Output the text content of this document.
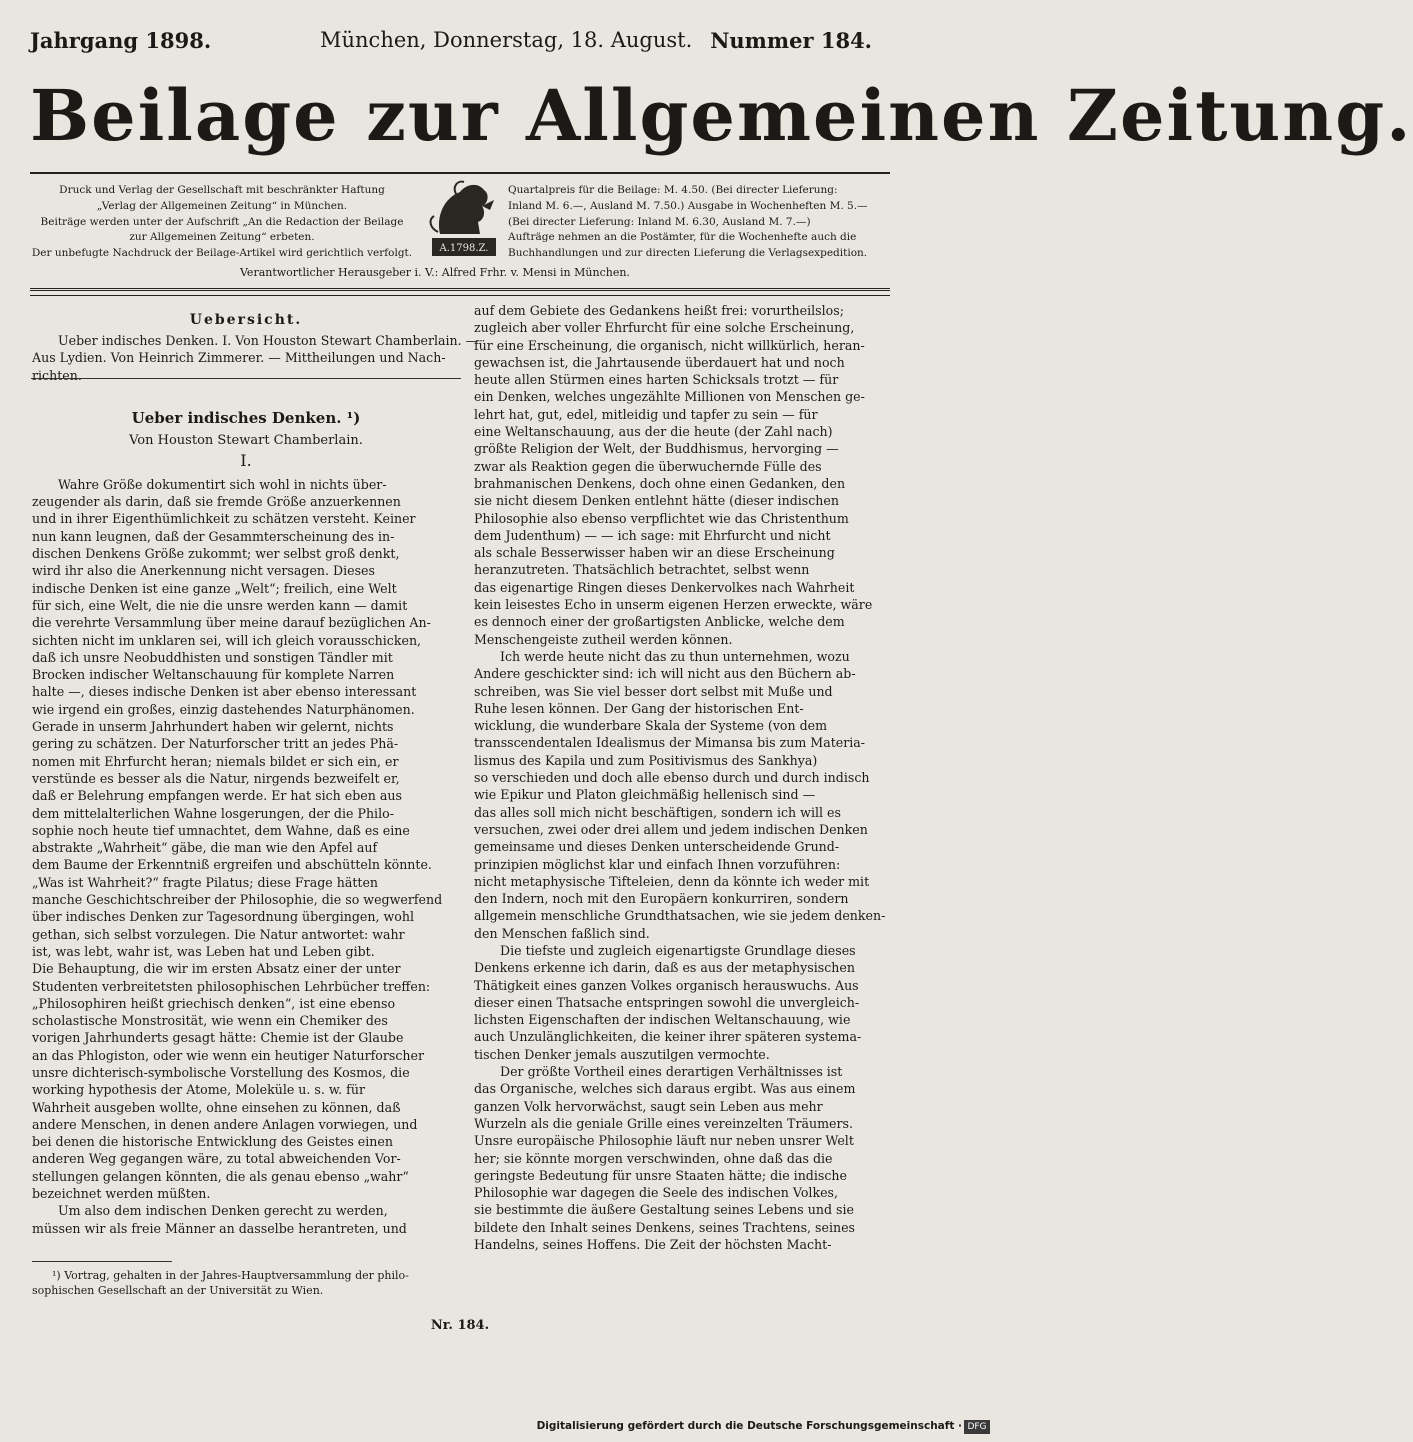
Jahrgang 1898.	München, Donnerstag, 18. August. Nummer 184.
Beilage zur Allgemeinen Zeitung.
Druck und Verlag der Gesellschaft mit beschränkter Haftung
„Verlag der Allgemeinen Zeitung“ in München.
Beiträge werden unter der Aufschrift „An die Redaction der Beilage
zur Allgemeinen Zeitung“ erbeten.
Der unbefugte Nachdruck der Beilage-Artikel wird gerichtlich verfolgt.	A.1798.Z.
Quartalpreis für die Beilage: M. 4.50. (Bei directer Lieferung:
Inland M. 6.—, Ausland M. 7.50.) Ausgabe in Wochenheften M. 5.—
(Bei directer Lieferung: Inland M. 6.30, Ausland M. 7.—)
Aufträge nehmen an die Postämter, für die Wochenhefte auch die
Buchhandlungen und zur directen Lieferung die Verlagsexpedition.
Verantwortlicher Herausgeber i. V.: Alfred Frhr. v. Mensi in München.
Uebersicht.
Ueber indisches Denken. I. Von Houston Stewart Chamberlain. —
Aus Lydien. Von Heinrich Zimmerer. — Mittheilungen und Nach-
richten.
Ueber indisches Denken. ¹)
Von Houston Stewart Chamberlain.
I.
Wahre Größe dokumentirt sich wohl in nichts über-
zeugender als darin, daß sie fremde Größe anzuerkennen
und in ihrer Eigenthümlichkeit zu schätzen versteht. Keiner
nun kann leugnen, daß der Gesammterscheinung des in-
dischen Denkens Größe zukommt; wer selbst groß denkt,
wird ihr also die Anerkennung nicht versagen. Dieses
indische Denken ist eine ganze „Welt“; freilich, eine Welt
für sich, eine Welt, die nie die unsre werden kann — damit
die verehrte Versammlung über meine darauf bezüglichen An-
sichten nicht im unklaren sei, will ich gleich vorausschicken,
daß ich unsre Neobuddhisten und sonstigen Tändler mit
Brocken indischer Weltanschauung für komplete Narren
halte —, dieses indische Denken ist aber ebenso interessant
wie irgend ein großes, einzig dastehendes Naturphänomen.
Gerade in unserm Jahrhundert haben wir gelernt, nichts
gering zu schätzen. Der Naturforscher tritt an jedes Phä-
nomen mit Ehrfurcht heran; niemals bildet er sich ein, er
verstünde es besser als die Natur, nirgends bezweifelt er,
daß er Belehrung empfangen werde. Er hat sich eben aus
dem mittelalterlichen Wahne losgerungen, der die Philo-
sophie noch heute tief umnachtet, dem Wahne, daß es eine
abstrakte „Wahrheit“ gäbe, die man wie den Apfel auf
dem Baume der Erkenntniß ergreifen und abschütteln könnte.
„Was ist Wahrheit?“ fragte Pilatus; diese Frage hätten
manche Geschichtschreiber der Philosophie, die so wegwerfend
über indisches Denken zur Tagesordnung übergingen, wohl
gethan, sich selbst vorzulegen. Die Natur antwortet: wahr
ist, was lebt, wahr ist, was Leben hat und Leben gibt.
Die Behauptung, die wir im ersten Absatz einer der unter
Studenten verbreitetsten philosophischen Lehrbücher treffen:
„Philosophiren heißt griechisch denken“, ist eine ebenso
scholastische Monstrosität, wie wenn ein Chemiker des
vorigen Jahrhunderts gesagt hätte: Chemie ist der Glaube
an das Phlogiston, oder wie wenn ein heutiger Naturforscher
unsre dichterisch-symbolische Vorstellung des Kosmos, die
working hypothesis der Atome, Moleküle u. s. w. für
Wahrheit ausgeben wollte, ohne einsehen zu können, daß
andere Menschen, in denen andere Anlagen vorwiegen, und
bei denen die historische Entwicklung des Geistes einen
anderen Weg gegangen wäre, zu total abweichenden Vor-
stellungen gelangen könnten, die als genau ebenso „wahr“
bezeichnet werden müßten.
Um also dem indischen Denken gerecht zu werden,
müssen wir als freie Männer an dasselbe herantreten, und
¹) Vortrag, gehalten in der Jahres-Hauptversammlung der philo-
sophischen Gesellschaft an der Universität zu Wien.
auf dem Gebiete des Gedankens heißt frei: vorurtheilslos;
zugleich aber voller Ehrfurcht für eine solche Erscheinung,
für eine Erscheinung, die organisch, nicht willkürlich, heran-
gewachsen ist, die Jahrtausende überdauert hat und noch
heute allen Stürmen eines harten Schicksals trotzt — für
ein Denken, welches ungezählte Millionen von Menschen ge-
lehrt hat, gut, edel, mitleidig und tapfer zu sein — für
eine Weltanschauung, aus der die heute (der Zahl nach)
größte Religion der Welt, der Buddhismus, hervorging —
zwar als Reaktion gegen die überwuchernde Fülle des
brahmanischen Denkens, doch ohne einen Gedanken, den
sie nicht diesem Denken entlehnt hätte (dieser indischen
Philosophie also ebenso verpflichtet wie das Christenthum
dem Judenthum) — — ich sage: mit Ehrfurcht und nicht
als schale Besserwisser haben wir an diese Erscheinung
heranzutreten. Thatsächlich betrachtet, selbst wenn
das eigenartige Ringen dieses Denkervolkes nach Wahrheit
kein leisestes Echo in unserm eigenen Herzen erweckte, wäre
es dennoch einer der großartigsten Anblicke, welche dem
Menschengeiste zutheil werden können.
Ich werde heute nicht das zu thun unternehmen, wozu
Andere geschickter sind: ich will nicht aus den Büchern ab-
schreiben, was Sie viel besser dort selbst mit Muße und
Ruhe lesen können. Der Gang der historischen Ent-
wicklung, die wunderbare Skala der Systeme (von dem
transscendentalen Idealismus der Mimansa bis zum Materia-
lismus des Kapila und zum Positivismus des Sankhya)
so verschieden und doch alle ebenso durch und durch indisch
wie Epikur und Platon gleichmäßig hellenisch sind —
das alles soll mich nicht beschäftigen, sondern ich will es
versuchen, zwei oder drei allem und jedem indischen Denken
gemeinsame und dieses Denken unterscheidende Grund-
prinzipien möglichst klar und einfach Ihnen vorzuführen:
nicht metaphysische Tifteleien, denn da könnte ich weder mit
den Indern, noch mit den Europäern konkurriren, sondern
allgemein menschliche Grundthatsachen, wie sie jedem denken-
den Menschen faßlich sind.
Die tiefste und zugleich eigenartigste Grundlage dieses
Denkens erkenne ich darin, daß es aus der metaphysischen
Thätigkeit eines ganzen Volkes organisch herauswuchs. Aus
dieser einen Thatsache entspringen sowohl die unvergleich-
lichsten Eigenschaften der indischen Weltanschauung, wie
auch Unzulänglichkeiten, die keiner ihrer späteren systema-
tischen Denker jemals auszutilgen vermochte.
Der größte Vortheil eines derartigen Verhältnisses ist
das Organische, welches sich daraus ergibt. Was aus einem
ganzen Volk hervorwächst, saugt sein Leben aus mehr
Wurzeln als die geniale Grille eines vereinzelten Träumers.
Unsre europäische Philosophie läuft nur neben unsrer Welt
her; sie könnte morgen verschwinden, ohne daß das die
geringste Bedeutung für unsre Staaten hätte; die indische
Philosophie war dagegen die Seele des indischen Volkes,
sie bestimmte die äußere Gestaltung seines Lebens und sie
bildete den Inhalt seines Denkens, seines Trachtens, seines
Handelns, seines Hoffens. Die Zeit der höchsten Macht-
Nr. 184.
Digitalisierung gefördert durch die Deutsche Forschungsgemeinschaft · DFG
